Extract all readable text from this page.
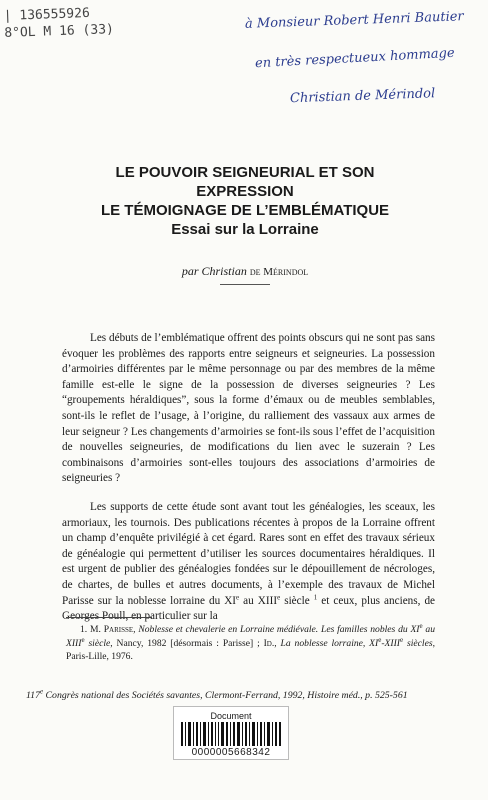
| 136555926
8°OL M 16 (33)	à Monsieur Robert Henri Bautier
en très respectueux hommage
Christian de Mérindol
LE POUVOIR SEIGNEURIAL ET SON
EXPRESSION
LE TÉMOIGNAGE DE L’EMBLÉMATIQUE
Essai sur la Lorraine
par Christian de Mérindol

Les débuts de l’emblématique offrent des points obscurs qui ne sont pas sans évoquer les problèmes des rapports entre seigneurs et seigneuries. La possession d’armoiries différentes par le même personnage ou par des membres de la même famille est-elle le signe de la possession de diverses seigneuries ? Les “groupements héraldiques”, sous la forme d’émaux ou de meubles semblables, sont-ils le reflet de l’usage, à l’origine, du ralliement des vassaux aux armes de leur seigneur ? Les changements d’armoiries se font-ils sous l’effet de l’acquisition de nouvelles seigneuries, de modifications du lien avec le suzerain ? Les combinaisons d’armoiries sont-elles toujours des associations d’armoiries de seigneuries ?

Les supports de cette étude sont avant tout les généalogies, les sceaux, les armoriaux, les tournois. Des publications récentes à propos de la Lorraine offrent un champ d’enquête privilégié à cet égard. Rares sont en effet des travaux sérieux de généalogie qui permettent d’utiliser les sources documentaires héraldiques. Il est urgent de publier des généalogies fondées sur le dépouillement de nécrologes, de chartes, de bulles et autres documents, à l’exemple des travaux de Michel Parisse sur la noblesse lorraine du XIe au XIIIe siècle $^1$ et ceux, plus anciens, de Georges Poull, en particulier sur la

1. M. Parisse, Noblesse et chevalerie en Lorraine médiévale. Les familles nobles du XIe au XIIIe siècle, Nancy, 1982 [désormais : Parisse] ; Id., La noblesse lorraine, XIe-XIIIe siècles, Paris-Lille, 1976.
117e Congrès national des Sociétés savantes, Clermont-Ferrand, 1992, Histoire méd., p. 525-561
Document
0000005668342
